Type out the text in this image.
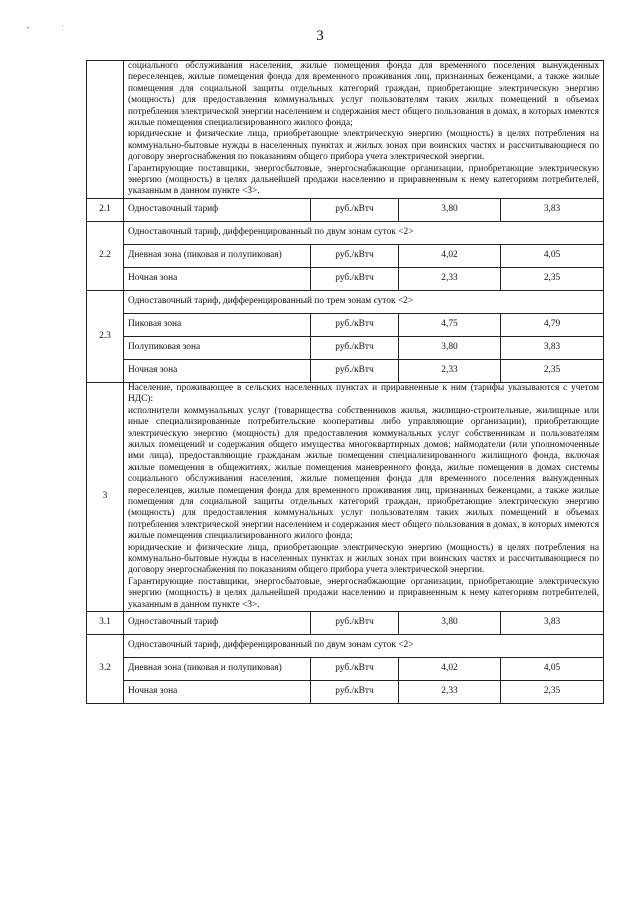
•	'	3

	социального обслуживания населения, жилые помещения фонда для временного поселения вынужденных переселенцев, жилые помещения фонда для временного проживания лиц, признанных беженцами, а также жилые помещения для социальной защиты отдельных категорий граждан, приобретающие электрическую энергию (мощность) для предоставления коммунальных услуг пользователям таких жилых помещений в объемах потребления электрической энергии населением и содержания мест общего пользования в домах, в которых имеются жилые помещения специализированного жилого фонда;

юридические и физические лица, приобретающие электрическую энергию (мощность) в целях потребления на коммунально-бытовые нужды в населенных пунктах и жилых зонах при воинских частях и рассчитывающиеся по договору энергоснабжения по показаниям общего прибора учета электрической энергии.

Гарантирующие поставщики, энергосбытовые, энергоснабжающие организации, приобретающие электрическую энергию (мощность) в целях дальнейшей продажи населению и приравненным к нему категориям потребителей, указанным в данном пункте <3>.			

2.1	Одноставочный тариф	руб./кВтч	3,80	3,83
2.2	Одноставочный тариф, дифференцированный по двум зонам суток <2>			
	Дневная зона (пиковая и полупиковая)	руб./кВтч	4,02	4,05
	Ночная зона	руб./кВтч	2,33	2,35
2.3	Одноставочный тариф, дифференцированный по трем зонам суток <2>			
	Пиковая зона	руб./кВтч	4,75	4,79
	Полупиковая зона	руб./кВтч	3,80	3,83
	Ночная зона	руб./кВтч	2,33	2,35
3	Население, проживающее в сельских населенных пунктах и приравненные к ним (тарифы указываются с учетом НДС):

исполнители коммунальных услуг (товарищества собственников жилья, жилищно-строительные, жилищные или иные специализированные потребительские кооперативы либо управляющие организации), приобретающие электрическую энергию (мощность) для предоставления коммунальных услуг собственникам и пользователям жилых помещений и содержания общего имущества многоквартирных домов; наймодатели (или уполномоченные ими лица), предоставляющие гражданам жилые помещения специализированного жилищного фонда, включая жилые помещения в общежитиях, жилые помещения маневренного фонда, жилые помещения в домах системы социального обслуживания населения, жилые помещения фонда для временного поселения вынужденных переселенцев, жилые помещения фонда для временного проживания лиц, признанных беженцами, а также жилые помещения для социальной защиты отдельных категорий граждан, приобретающие электрическую энергию (мощность) для предоставления коммунальных услуг пользователям таких жилых помещений в объемах потребления электрической энергии населением и содержания мест общего пользования в домах, в которых имеются жилые помещения специализированного жилого фонда;

юридические и физические лица, приобретающие электрическую энергию (мощность) в целях потребления на коммунально-бытовые нужды в населенных пунктах и жилых зонах при воинских частях и рассчитывающиеся по договору энергоснабжения по показаниям общего прибора учета электрической энергии.

Гарантирующие поставщики, энергосбытовые, энергоснабжающие организации, приобретающие электрическую энергию (мощность) в целях дальнейшей продажи населению и приравненным к нему категориям потребителей, указанным в данном пункте <3>.			

3.1	Одноставочный тариф	руб./кВтч	3,80	3,83
3.2	Одноставочный тариф, дифференцированный по двум зонам суток <2>			
	Дневная зона (пиковая и полупиковая)	руб./кВтч	4,02	4,05
	Ночная зона	руб./кВтч	2,33	2,35
